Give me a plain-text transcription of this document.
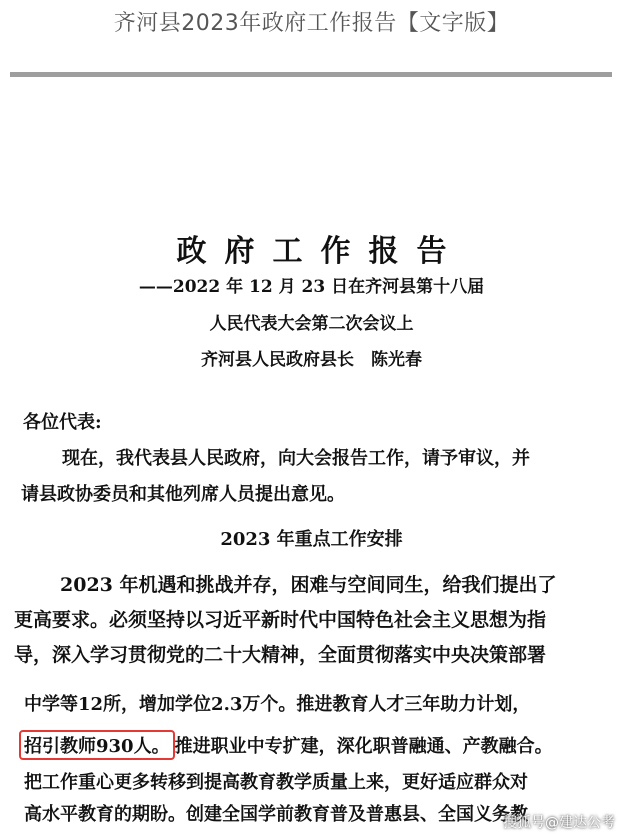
齐河县2023年政府工作报告【文字版】
政府工作报告
——2022 年 12 月 23 日在齐河县第十八届
人民代表大会第二次会议上
齐河县人民政府县长　陈光春
各位代表:
现在，我代表县人民政府，向大会报告工作，请予审议，并
请县政协委员和其他列席人员提出意见。
2023 年重点工作安排
2023 年机遇和挑战并存，困难与空间同生，给我们提出了
更高要求。必须坚持以习近平新时代中国特色社会主义思想为指
导，深入学习贯彻党的二十大精神，全面贯彻落实中央决策部署
中学等12所，增加学位2.3万个。推进教育人才三年助力计划，
招引教师930人。 推进职业中专扩建，深化职普融通、产教融合。
把工作重心更多转移到提高教育教学质量上来，更好适应群众对
高水平教育的期盼。创建全国学前教育普及普惠县、全国义务教
搜狐号@建达公考
